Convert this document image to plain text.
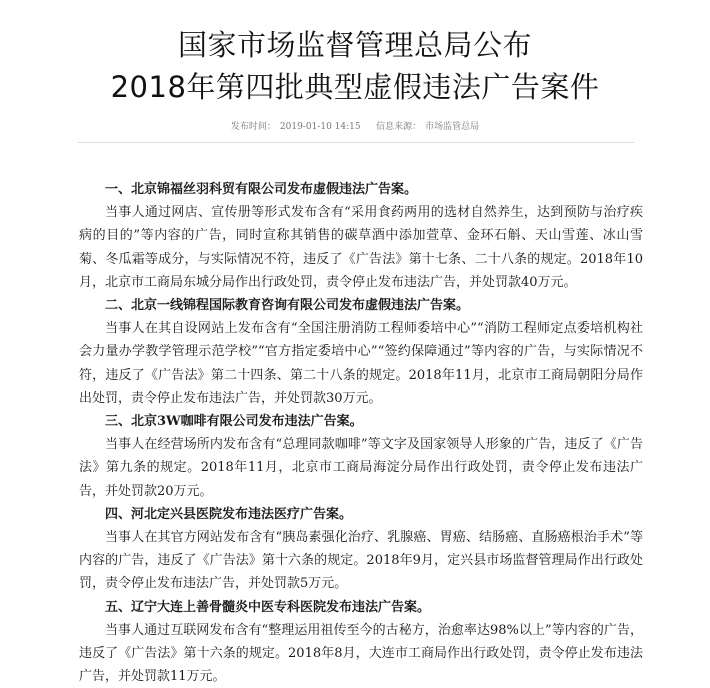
国家市场监督管理总局公布
2018年第四批典型虚假违法广告案件
发布时间： 2019-01-10 14:15 信息来源： 市场监管总局

一、北京锦福丝羽科贸有限公司发布虚假违法广告案。

当事人通过网店、宣传册等形式发布含有“采用食药两用的选材自然养生，达到预防与治疗疾病的目的”等内容的广告，同时宣称其销售的碳草酒中添加萱草、金环石斛、天山雪莲、冰山雪菊、冬瓜霜等成分，与实际情况不符，违反了《广告法》第十七条、二十八条的规定。2018年10月，北京市工商局东城分局作出行政处罚，责令停止发布违法广告，并处罚款40万元。

二、北京一线锦程国际教育咨询有限公司发布虚假违法广告案。

当事人在其自设网站上发布含有“全国注册消防工程师委培中心”“消防工程师定点委培机构社会力量办学教学管理示范学校”“官方指定委培中心”“签约保障通过”等内容的广告，与实际情况不符，违反了《广告法》第二十四条、第二十八条的规定。2018年11月，北京市工商局朝阳分局作出处罚，责令停止发布违法广告，并处罚款30万元。

三、北京3W咖啡有限公司发布违法广告案。

当事人在经营场所内发布含有“总理同款咖啡”等文字及国家领导人形象的广告，违反了《广告法》第九条的规定。2018年11月，北京市工商局海淀分局作出行政处罚，责令停止发布违法广告，并处罚款20万元。

四、河北定兴县医院发布违法医疗广告案。

当事人在其官方网站发布含有“胰岛素强化治疗、乳腺癌、胃癌、结肠癌、直肠癌根治手术”等内容的广告，违反了《广告法》第十六条的规定。2018年9月，定兴县市场监督管理局作出行政处罚，责令停止发布违法广告，并处罚款5万元。

五、辽宁大连上善骨髓炎中医专科医院发布违法广告案。

当事人通过互联网发布含有“整理运用祖传至今的古秘方，治愈率达98%以上”等内容的广告，违反了《广告法》第十六条的规定。2018年8月，大连市工商局作出行政处罚，责令停止发布违法广告，并处罚款11万元。
